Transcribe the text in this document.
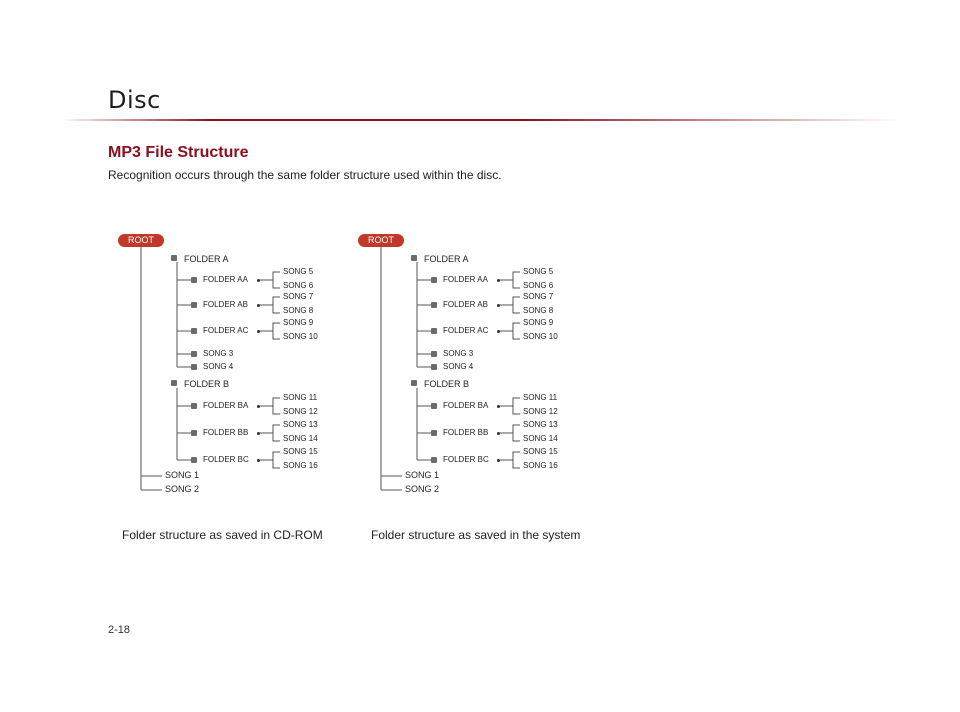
Disc
MP3 File Structure
Recognition occurs through the same folder structure used within the disc.
ROOT
FOLDER A
FOLDER AA
SONG 5
SONG 6
FOLDER AB
SONG 7
SONG 8
FOLDER AC
SONG 9
SONG 10
SONG 3
SONG 4
FOLDER B
FOLDER BA
SONG 11
SONG 12
FOLDER BB
SONG 13
SONG 14
FOLDER BC
SONG 15
SONG 16
SONG 1
SONG 2
ROOT
FOLDER A
FOLDER AA
SONG 5
SONG 6
FOLDER AB
SONG 7
SONG 8
FOLDER AC
SONG 9
SONG 10
SONG 3
SONG 4
FOLDER B
FOLDER BA
SONG 11
SONG 12
FOLDER BB
SONG 13
SONG 14
FOLDER BC
SONG 15
SONG 16
SONG 1
SONG 2
Folder structure as saved in CD-ROM	Folder structure as saved in the system
2-18
